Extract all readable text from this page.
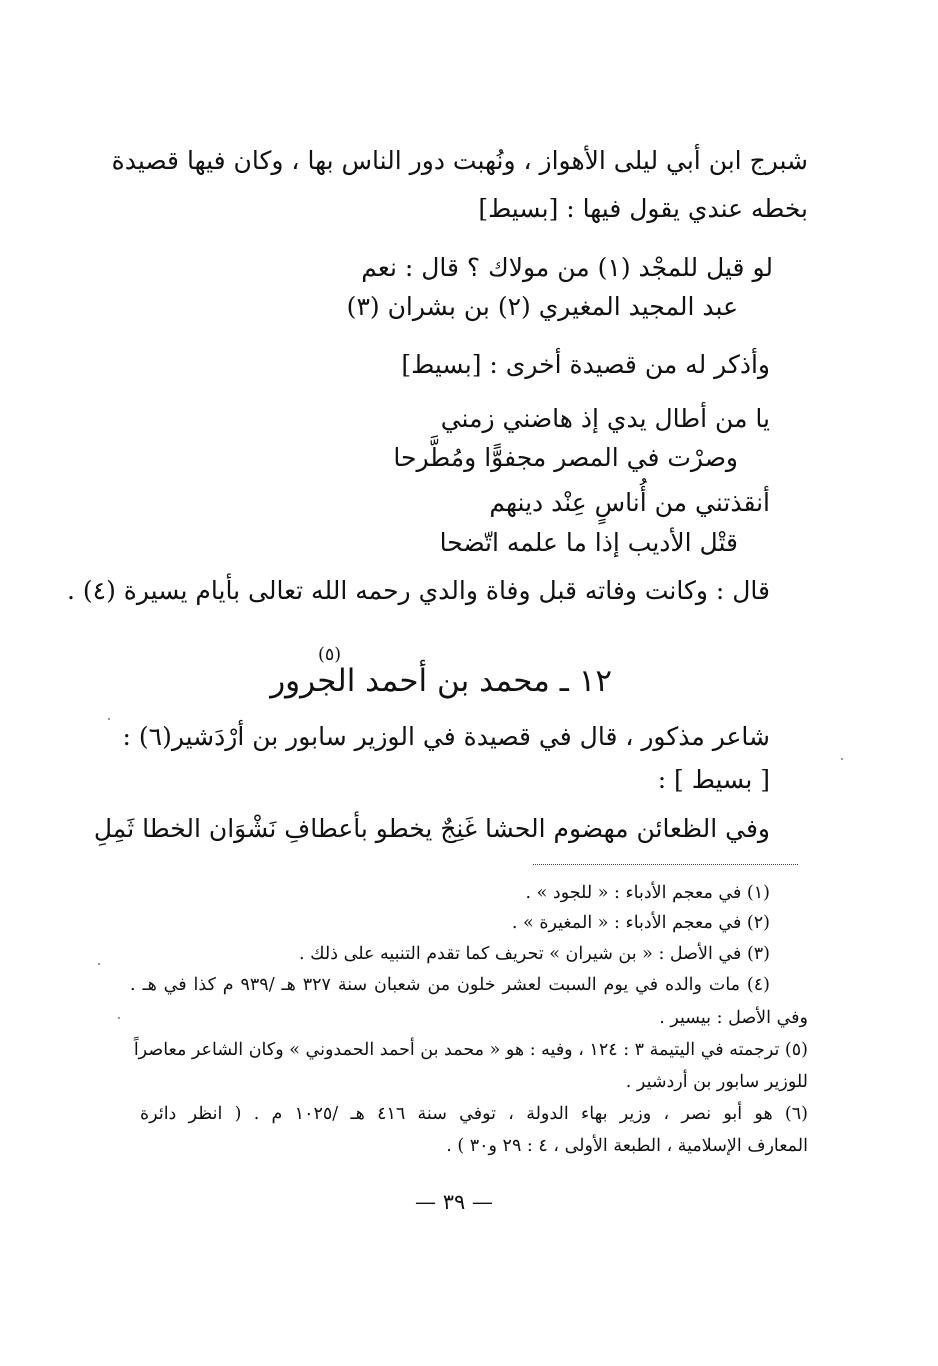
شبرج ابن أبي ليلى الأهواز ، ونُهبت دور الناس بها ، وكان فيها قصيدة
بخطه عندي يقول فيها : [بسيط]
لو قيل للمجْد (١) من مولاك ؟ قال : نعم
عبد المجيد المغيري (٢) بن بشران (٣)
وأذكر له من قصيدة أخرى : [بسيط]
يا من أطال يدي إذ هاضني زمني
وصرْت في المصر مجفوًّا ومُطَّرحا
أنقذتني من أُناسٍ عِنْد دينهم
قتْل الأديب إذا ما علمه اتّضحا
قال : وكانت وفاته قبل وفاة والدي رحمه الله تعالى بأيام يسيرة (٤) .
١٢ ـ محمد بن أحمد الجرور
(٥)
شاعر مذكور ، قال في قصيدة في الوزير سابور بن أرْدَشير(٦) :
[ بسيط ] :
وفي الظعائن مهضوم الحشا غَنِجٌ يخطو بأعطافِ نَشْوَان الخطا ثَمِلِ
(١) في معجم الأدباء : « للجود » .
(٢) في معجم الأدباء : « المغيرة » .
(٣) في الأصل : « بن شيران » تحريف كما تقدم التنبيه على ذلك .
(٤) مات والده في يوم السبت لعشر خلون من شعبان سنة ٣٢٧ هـ /٩٣٩ م كذا في هـ .
وفي الأصل : بيسير .
(٥) ترجمته في اليتيمة ٣ : ١٢٤ ، وفيه : هو « محمد بن أحمد الحمدوني » وكان الشاعر معاصراً
للوزير سابور بن أردشير .
(٦) هو أبو نصر ، وزير بهاء الدولة ، توفي سنة ٤١٦ هـ /١٠٢٥ م . ( انظر دائرة
المعارف الإسلامية ، الطبعة الأولى ، ٤ : ٢٩ و٣٠ ) .
— ٣٩ —
